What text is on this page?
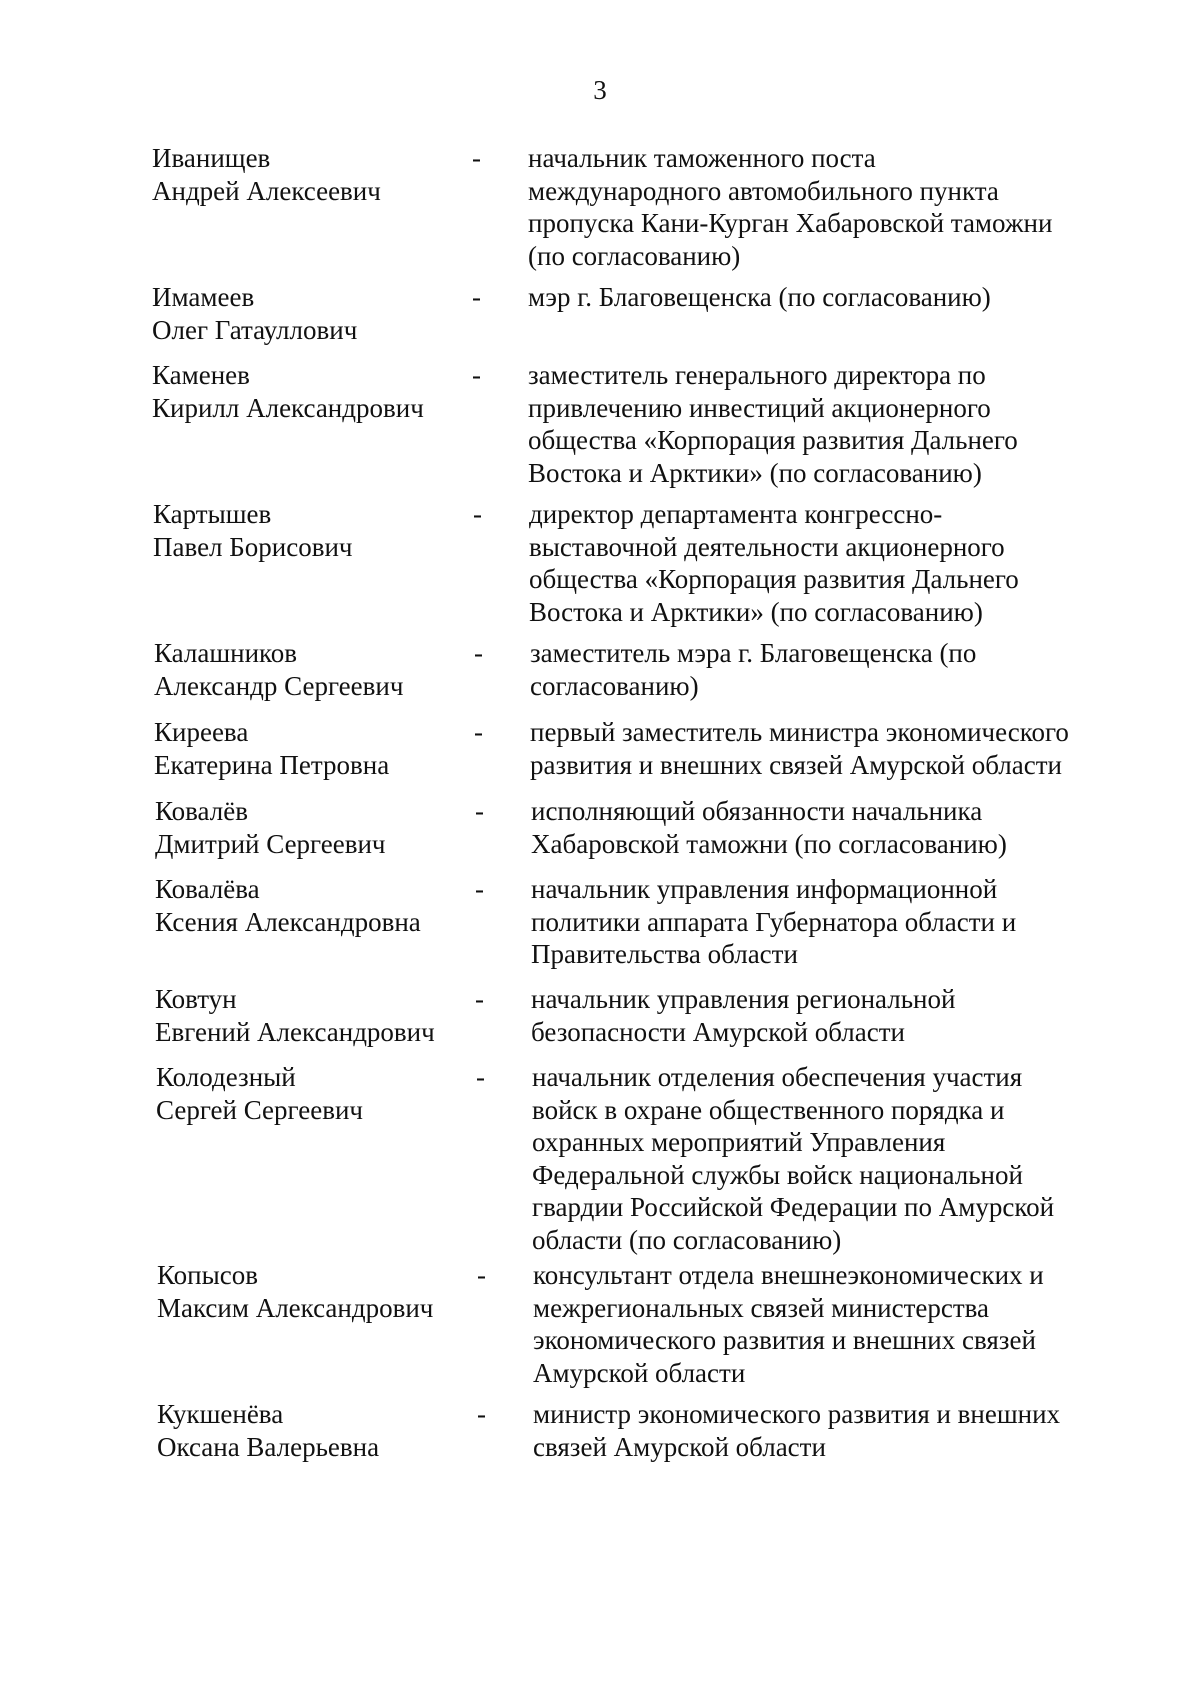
3
Иванищев
Андрей Алексеевич
- начальник таможенного поста
международного автомобильного пункта
пропуска Кани-Курган Хабаровской таможни
(по согласованию)
Имамеев
Олег Гатауллович
- мэр г. Благовещенска (по согласованию)
Каменев
Кирилл Александрович
- заместитель генерального директора по
привлечению инвестиций акционерного
общества «Корпорация развития Дальнего
Востока и Арктики» (по согласованию)
Картышев
Павел Борисович
- директор департамента конгрессно-
выставочной деятельности акционерного
общества «Корпорация развития Дальнего
Востока и Арктики» (по согласованию)
Калашников
Александр Сергеевич
- заместитель мэра г. Благовещенска (по
согласованию)
Киреева
Екатерина Петровна
- первый заместитель министра экономического
развития и внешних связей Амурской области
Ковалёв
Дмитрий Сергеевич
- исполняющий обязанности начальника
Хабаровской таможни (по согласованию)
Ковалёва
Ксения Александровна
- начальник управления информационной
политики аппарата Губернатора области и
Правительства области
Ковтун
Евгений Александрович
- начальник управления региональной
безопасности Амурской области
Колодезный
Сергей Сергеевич
- начальник отделения обеспечения участия
войск в охране общественного порядка и
охранных мероприятий Управления
Федеральной службы войск национальной
гвардии Российской Федерации по Амурской
области (по согласованию)
Копысов
Максим Александрович
- консультант отдела внешнеэкономических и
межрегиональных связей министерства
экономического развития и внешних связей
Амурской области
Кукшенёва
Оксана Валерьевна
- министр экономического развития и внешних
связей Амурской области
